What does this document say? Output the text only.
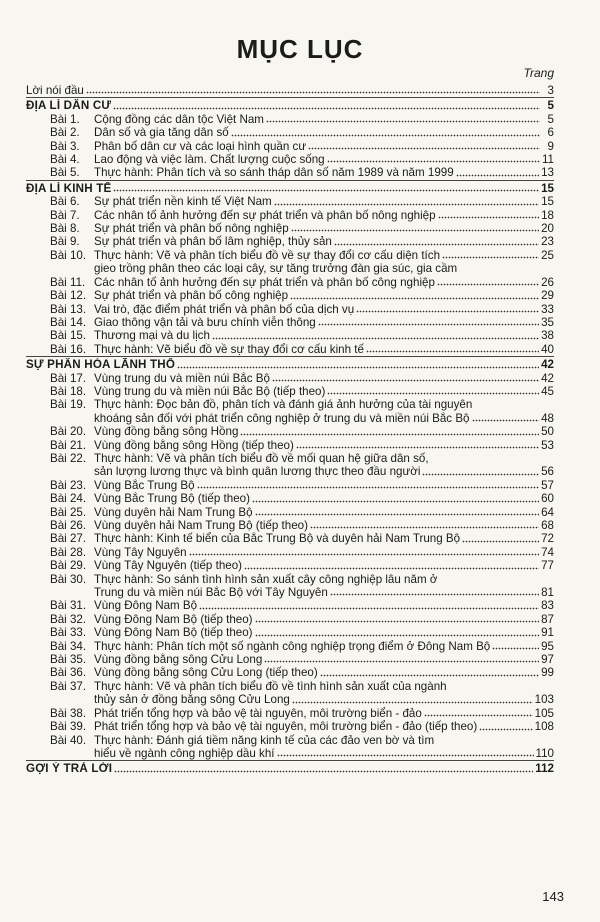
MỤC LỤC
Trang
Lời nói đầu	3
ĐỊA LÍ DÂN CƯ	5
Bài 1.	Cộng đồng các dân tộc Việt Nam	5
Bài 2.	Dân số và gia tăng dân số	6
Bài 3.	Phân bố dân cư và các loại hình quần cư	9
Bài 4.	Lao động và việc làm. Chất lượng cuộc sống	11
Bài 5.	Thực hành: Phân tích và so sánh tháp dân số năm 1989 và năm 1999	13
ĐỊA LÍ KINH TẾ	15
Bài 6.	Sự phát triển nền kinh tế Việt Nam	15
Bài 7.	Các nhân tố ảnh hưởng đến sự phát triển và phân bố nông nghiệp	18
Bài 8.	Sự phát triển và phân bố nông nghiệp	20
Bài 9.	Sự phát triển và phân bố lâm nghiệp, thủy sản	23
Bài 10. Thực hành: Vẽ và phân tích biểu đồ về sự thay đổi cơ cấu diện tích	25
gieo trồng phân theo các loại cây, sự tăng trưởng đàn gia súc, gia cầm
Bài 11. Các nhân tố ảnh hưởng đến sự phát triển và phân bố công nghiệp	26
Bài 12. Sự phát triển và phân bố công nghiệp	29
Bài 13. Vai trò, đặc điểm phát triển và phân bố của dịch vụ	33
Bài 14. Giao thông vận tải và bưu chính viễn thông	35
Bài 15. Thương mại và du lịch	38
Bài 16. Thực hành: Vẽ biểu đồ về sự thay đổi cơ cấu kinh tế	40
SỰ PHÂN HÓA LÃNH THỔ	42
Bài 17. Vùng trung du và miền núi Bắc Bộ	42
Bài 18. Vùng trung du và miền núi Bắc Bộ (tiếp theo)	45
Bài 19. Thực hành: Đọc bản đồ, phân tích và đánh giá ảnh hưởng của tài nguyên
khoáng sản đối với phát triển công nghiệp ở trung du và miền núi Bắc Bộ	48
Bài 20. Vùng đồng bằng sông Hồng	50
Bài 21. Vùng đồng bằng sông Hồng (tiếp theo)	53
Bài 22. Thực hành: Vẽ và phân tích biểu đồ về mối quan hệ giữa dân số,
sản lượng lương thực và bình quân lương thực theo đầu người	56
Bài 23. Vùng Bắc Trung Bộ	57
Bài 24. Vùng Bắc Trung Bộ (tiếp theo)	60
Bài 25. Vùng duyên hải Nam Trung Bộ	64
Bài 26. Vùng duyên hải Nam Trung Bộ (tiếp theo)	68
Bài 27. Thực hành: Kinh tế biển của Bắc Trung Bộ và duyên hải Nam Trung Bộ	72
Bài 28. Vùng Tây Nguyên	74
Bài 29. Vùng Tây Nguyên (tiếp theo)	77
Bài 30. Thực hành: So sánh tình hình sản xuất cây công nghiệp lâu năm ở
Trung du và miền núi Bắc Bộ với Tây Nguyên	81
Bài 31. Vùng Đông Nam Bộ	83
Bài 32. Vùng Đông Nam Bộ (tiếp theo)	87
Bài 33. Vùng Đông Nam Bộ (tiếp theo)	91
Bài 34. Thực hành: Phân tích một số ngành công nghiệp trọng điểm ở Đông Nam Bộ	95
Bài 35. Vùng đồng bằng sông Cửu Long	97
Bài 36. Vùng đồng bằng sông Cửu Long (tiếp theo)	99
Bài 37. Thực hành: Vẽ và phân tích biểu đồ về tình hình sản xuất của ngành
thủy sản ở đồng bằng sông Cửu Long	103
Bài 38. Phát triển tổng hợp và bảo vệ tài nguyên, môi trường biển - đảo	105
Bài 39. Phát triển tổng hợp và bảo vệ tài nguyên, môi trường biển - đảo (tiếp theo)	108
Bài 40. Thực hành: Đánh giá tiềm năng kinh tế của các đảo ven bờ và tìm
hiểu về ngành công nghiệp dầu khí	110
GỢI Ý TRẢ LỜI	112
143
